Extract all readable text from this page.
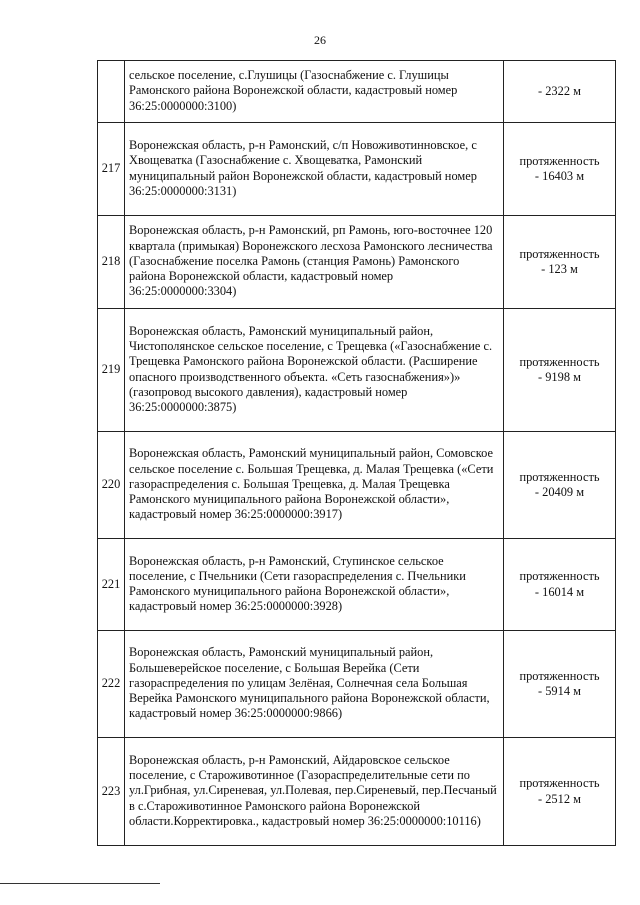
26
	сельское поселение, с.Глушицы (Газоснабжение с. Глушицы Рамонского района Воронежской области, кадастровый номер 36:25:0000000:3100)	- 2322 м

217	Воронежская область, р-н Рамонский, с/п Новоживотинновское, с Хвощеватка (Газоснабжение с. Хвощеватка, Рамонский муниципальный район Воронежской области, кадастровый номер 36:25:0000000:3131)	протяженность
- 16403 м

218	Воронежская область, р-н Рамонский, рп Рамонь, юго-восточнее 120 квартала (примыкая) Воронежского лесхоза Рамонского лесничества (Газоснабжение поселка Рамонь (станция Рамонь) Рамонского района Воронежской области, кадастровый номер 36:25:0000000:3304)	протяженность
- 123 м

219	Воронежская область, Рамонский муниципальный район, Чистополянское сельское поселение, с Трещевка («Газоснабжение с. Трещевка Рамонского района Воронежской области. (Расширение опасного производственного объекта. «Сеть газоснабжения»)» (газопровод высокого давления), кадастровый номер 36:25:0000000:3875)	протяженность
- 9198 м

220	Воронежская область, Рамонский муниципальный район, Сомовское сельское поселение с. Большая Трещевка, д. Малая Трещевка («Сети газораспределения с. Большая Трещевка, д. Малая Трещевка Рамонского муниципального района Воронежской области», кадастровый номер 36:25:0000000:3917)	протяженность
- 20409 м

221	Воронежская область, р-н Рамонский, Ступинское сельское поселение, с Пчельники (Сети газораспределения с. Пчельники Рамонского муниципального района Воронежской области», кадастровый номер 36:25:0000000:3928)	протяженность
- 16014 м

222	Воронежская область, Рамонский муниципальный район, Большеверейское поселение, с Большая Верейка (Сети газораспределения по улицам Зелёная, Солнечная села Большая Верейка Рамонского муниципального района Воронежской области, кадастровый номер 36:25:0000000:9866)	протяженность
- 5914 м

223	Воронежская область, р-н Рамонский, Айдаровское сельское поселение, с Староживотинное (Газораспределительные сети по ул.Грибная, ул.Сиреневая, ул.Полевая, пер.Сиреневый, пер.Песчаный в с.Староживотинное Рамонского района Воронежской области.Корректировка., кадастровый номер 36:25:0000000:10116)	протяженность
- 2512 м
